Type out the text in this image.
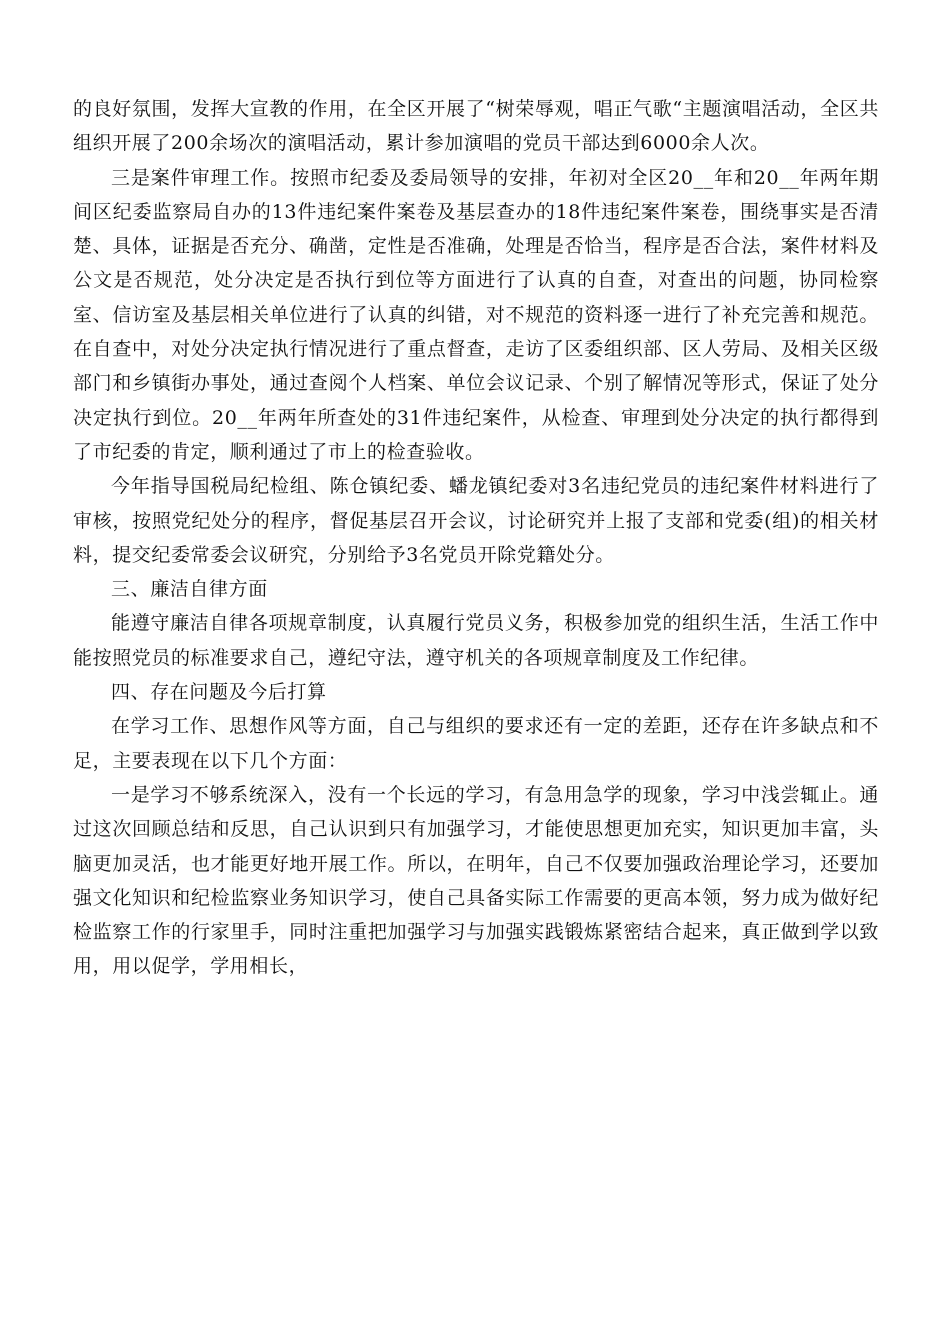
的良好氛围，发挥大宣教的作用，在全区开展了“树荣辱观，唱正气歌“主题演唱活动，全区共组织开展了200余场次的演唱活动，累计参加演唱的党员干部达到6000余人次。

三是案件审理工作。按照市纪委及委局领导的安排，年初对全区20__年和20__年两年期间区纪委监察局自办的13件违纪案件案卷及基层查办的18件违纪案件案卷，围绕事实是否清楚、具体，证据是否充分、确凿，定性是否准确，处理是否恰当，程序是否合法，案件材料及公文是否规范，处分决定是否执行到位等方面进行了认真的自查，对查出的问题，协同检察室、信访室及基层相关单位进行了认真的纠错，对不规范的资料逐一进行了补充完善和规范。在自查中，对处分决定执行情况进行了重点督查，走访了区委组织部、区人劳局、及相关区级部门和乡镇街办事处，通过查阅个人档案、单位会议记录、个别了解情况等形式，保证了处分决定执行到位。20__年两年所查处的31件违纪案件，从检查、审理到处分决定的执行都得到了市纪委的肯定，顺利通过了市上的检查验收。

今年指导国税局纪检组、陈仓镇纪委、蟠龙镇纪委对3名违纪党员的违纪案件材料进行了审核，按照党纪处分的程序，督促基层召开会议，讨论研究并上报了支部和党委(组)的相关材料，提交纪委常委会议研究，分别给予3名党员开除党籍处分。

三、廉洁自律方面

能遵守廉洁自律各项规章制度，认真履行党员义务，积极参加党的组织生活，生活工作中能按照党员的标准要求自己，遵纪守法，遵守机关的各项规章制度及工作纪律。

四、存在问题及今后打算

在学习工作、思想作风等方面，自己与组织的要求还有一定的差距，还存在许多缺点和不足，主要表现在以下几个方面：

一是学习不够系统深入，没有一个长远的学习，有急用急学的现象，学习中浅尝辄止。通过这次回顾总结和反思，自己认识到只有加强学习，才能使思想更加充实，知识更加丰富，头脑更加灵活，也才能更好地开展工作。所以，在明年，自己不仅要加强政治理论学习，还要加强文化知识和纪检监察业务知识学习，使自己具备实际工作需要的更高本领，努力成为做好纪检监察工作的行家里手，同时注重把加强学习与加强实践锻炼紧密结合起来，真正做到学以致用，用以促学，学用相长，
